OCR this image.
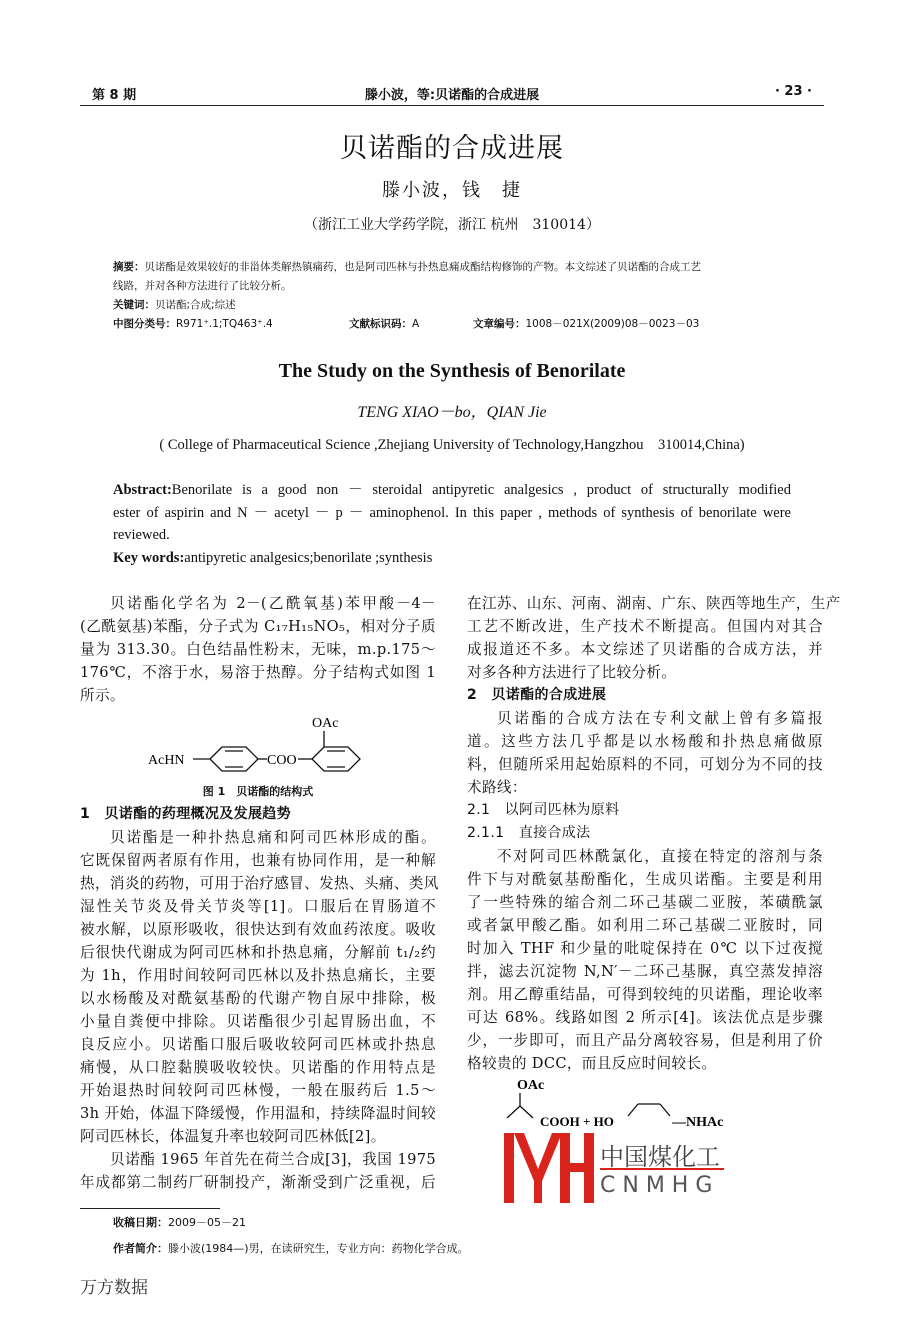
第 8 期	滕小波，等:贝诺酯的合成进展	· 23 ·
贝诺酯的合成进展
滕小波，钱　捷
（浙江工业大学药学院，浙江 杭州　310014）
摘要：贝诺酯是效果较好的非甾体类解热镇痛药，也是阿司匹林与扑热息痛成酯结构修饰的产物。本文综述了贝诺酯的合成工艺
线路，并对各种方法进行了比较分析。
关键词：贝诺酯;合成;综述
中图分类号：R971⁺.1;TQ463⁺.4	文献标识码：A	文章编号：1008－021X(2009)08－0023－03
The Study on the Synthesis of Benorilate
TENG XIAO－bo，QIAN Jie
( College of Pharmaceutical Science ,Zhejiang University of Technology,Hangzhou　310014,China)
Abstract:Benorilate is a good non － steroidal antipyretic analgesics , product of structurally modified
ester of aspirin and N － acetyl － p － aminophenol. In this paper , methods of synthesis of benorilate were
reviewed.
Key words:antipyretic analgesics;benorilate ;synthesis
贝诺酯化学名为 2－(乙酰氧基)苯甲酸－4－
(乙酰氨基)苯酯，分子式为 C₁₇H₁₅NO₅，相对分子质
量为 313.30。白色结晶性粉末，无味，m.p.175～
176℃，不溶于水，易溶于热醇。分子结构式如图 1
所示。
AcHN	COO
OAc
图 1　贝诺酯的结构式
1　贝诺酯的药理概况及发展趋势
贝诺酯是一种扑热息痛和阿司匹林形成的酯。
它既保留两者原有作用，也兼有协同作用，是一种解
热，消炎的药物，可用于治疗感冒、发热、头痛、类风
湿性关节炎及骨关节炎等[1]。口服后在胃肠道不
被水解，以原形吸收，很快达到有效血药浓度。吸收
后很快代谢成为阿司匹林和扑热息痛，分解前 t₁/₂约
为 1h，作用时间较阿司匹林以及扑热息痛长，主要
以水杨酸及对酰氨基酚的代谢产物自尿中排除，极
小量自粪便中排除。贝诺酯很少引起胃肠出血，不
良反应小。贝诺酯口服后吸收较阿司匹林或扑热息
痛慢，从口腔黏膜吸收较快。贝诺酯的作用特点是
开始退热时间较阿司匹林慢，一般在服药后 1.5～
3h 开始，体温下降缓慢，作用温和，持续降温时间较
阿司匹林长，体温复升率也较阿司匹林低[2]。
贝诺酯 1965 年首先在荷兰合成[3]，我国 1975
年成都第二制药厂研制投产，渐渐受到广泛重视，后
在江苏、山东、河南、湖南、广东、陕西等地生产，生产
工艺不断改进，生产技术不断提高。但国内对其合
成报道还不多。本文综述了贝诺酯的合成方法，并
对多各种方法进行了比较分析。
2　贝诺酯的合成进展
贝诺酯的合成方法在专利文献上曾有多篇报
道。这些方法几乎都是以水杨酸和扑热息痛做原
料，但随所采用起始原料的不同，可划分为不同的技
术路线：
2.1　以阿司匹林为原料
2.1.1　直接合成法
不对阿司匹林酰氯化，直接在特定的溶剂与条
件下与对酰氨基酚酯化，生成贝诺酯。主要是利用
了一些特殊的缩合剂二环己基碳二亚胺，苯磺酰氯
或者氯甲酸乙酯。如利用二环己基碳二亚胺时，同
时加入 THF 和少量的吡啶保持在 0℃ 以下过夜搅
拌，滤去沉淀物 N,N′－二环己基脲，真空蒸发掉溶
剂。用乙醇重结晶，可得到较纯的贝诺酯，理论收率
可达 68%。线路如图 2 所示[4]。该法优点是步骤
少，一步即可，而且产品分离较容易，但是利用了价
格较贵的 DCC，而且反应时间较长。
OAc
COOH + HO	—NHAc
中国煤化工
CNMHG
收稿日期：2009－05－21
作者简介：滕小波(1984—)男，在读研究生，专业方向：药物化学合成。
万方数据
